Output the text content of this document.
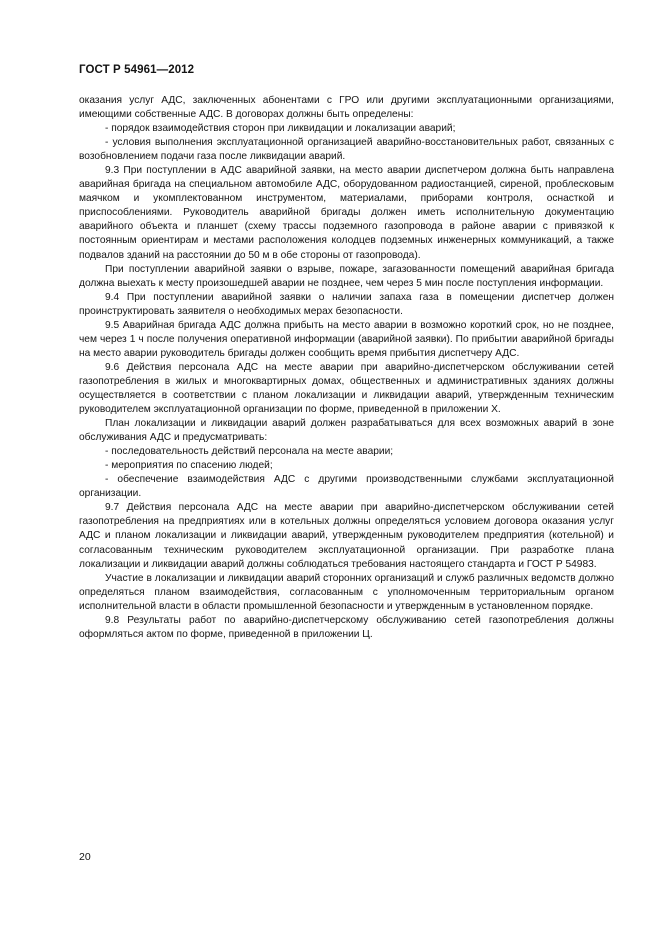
ГОСТ Р 54961—2012

оказания услуг АДС, заключенных абонентами с ГРО или другими эксплуатационными организациями, имеющими собственные АДС. В договорах должны быть определены:

- порядок взаимодействия сторон при ликвидации и локализации аварий;

- условия выполнения эксплуатационной организацией аварийно-восстановительных работ, связанных с возобновлением подачи газа после ликвидации аварий.

9.3 При поступлении в АДС аварийной заявки, на место аварии диспетчером должна быть направлена аварийная бригада на специальном автомобиле АДС, оборудованном радиостанцией, сиреной, проблесковым маячком и укомплектованном инструментом, материалами, приборами контроля, оснасткой и приспособлениями. Руководитель аварийной бригады должен иметь исполнительную документацию аварийного объекта и планшет (схему трассы подземного газопровода в районе аварии с привязкой к постоянным ориентирам и местами расположения колодцев подземных инженерных коммуникаций, а также подвалов зданий на расстоянии до 50 м в обе стороны от газопровода).

При поступлении аварийной заявки о взрыве, пожаре, загазованности помещений аварийная бригада должна выехать к месту произошедшей аварии не позднее, чем через 5 мин после поступления информации.

9.4 При поступлении аварийной заявки о наличии запаха газа в помещении диспетчер должен проинструктировать заявителя о необходимых мерах безопасности.

9.5 Аварийная бригада АДС должна прибыть на место аварии в возможно короткий срок, но не позднее, чем через 1 ч после получения оперативной информации (аварийной заявки). По прибытии аварийной бригады на место аварии руководитель бригады должен сообщить время прибытия диспетчеру АДС.

9.6 Действия персонала АДС на месте аварии при аварийно-диспетчерском обслуживании сетей газопотребления в жилых и многоквартирных домах, общественных и административных зданиях должны осуществляется в соответствии с планом локализации и ликвидации аварий, утвержденным техническим руководителем эксплуатационной организации по форме, приведенной в приложении Х.

План локализации и ликвидации аварий должен разрабатываться для всех возможных аварий в зоне обслуживания АДС и предусматривать:

- последовательность действий персонала на месте аварии;

- мероприятия по спасению людей;

- обеспечение взаимодействия АДС с другими производственными службами эксплуатационной организации.

9.7 Действия персонала АДС на месте аварии при аварийно-диспетчерском обслуживании сетей газопотребления на предприятиях или в котельных должны определяться условием договора оказания услуг АДС и планом локализации и ликвидации аварий, утвержденным руководителем предприятия (котельной) и согласованным техническим руководителем эксплуатационной организации. При разработке плана локализации и ликвидации аварий должны соблюдаться требования настоящего стандарта и ГОСТ Р 54983.

Участие в локализации и ликвидации аварий сторонних организаций и служб различных ведомств должно определяться планом взаимодействия, согласованным с уполномоченным территориальным органом исполнительной власти в области промышленной безопасности и утвержденным в установленном порядке.

9.8 Результаты работ по аварийно-диспетчерскому обслуживанию сетей газопотребления должны оформляться актом по форме, приведенной в приложении Ц.

20
